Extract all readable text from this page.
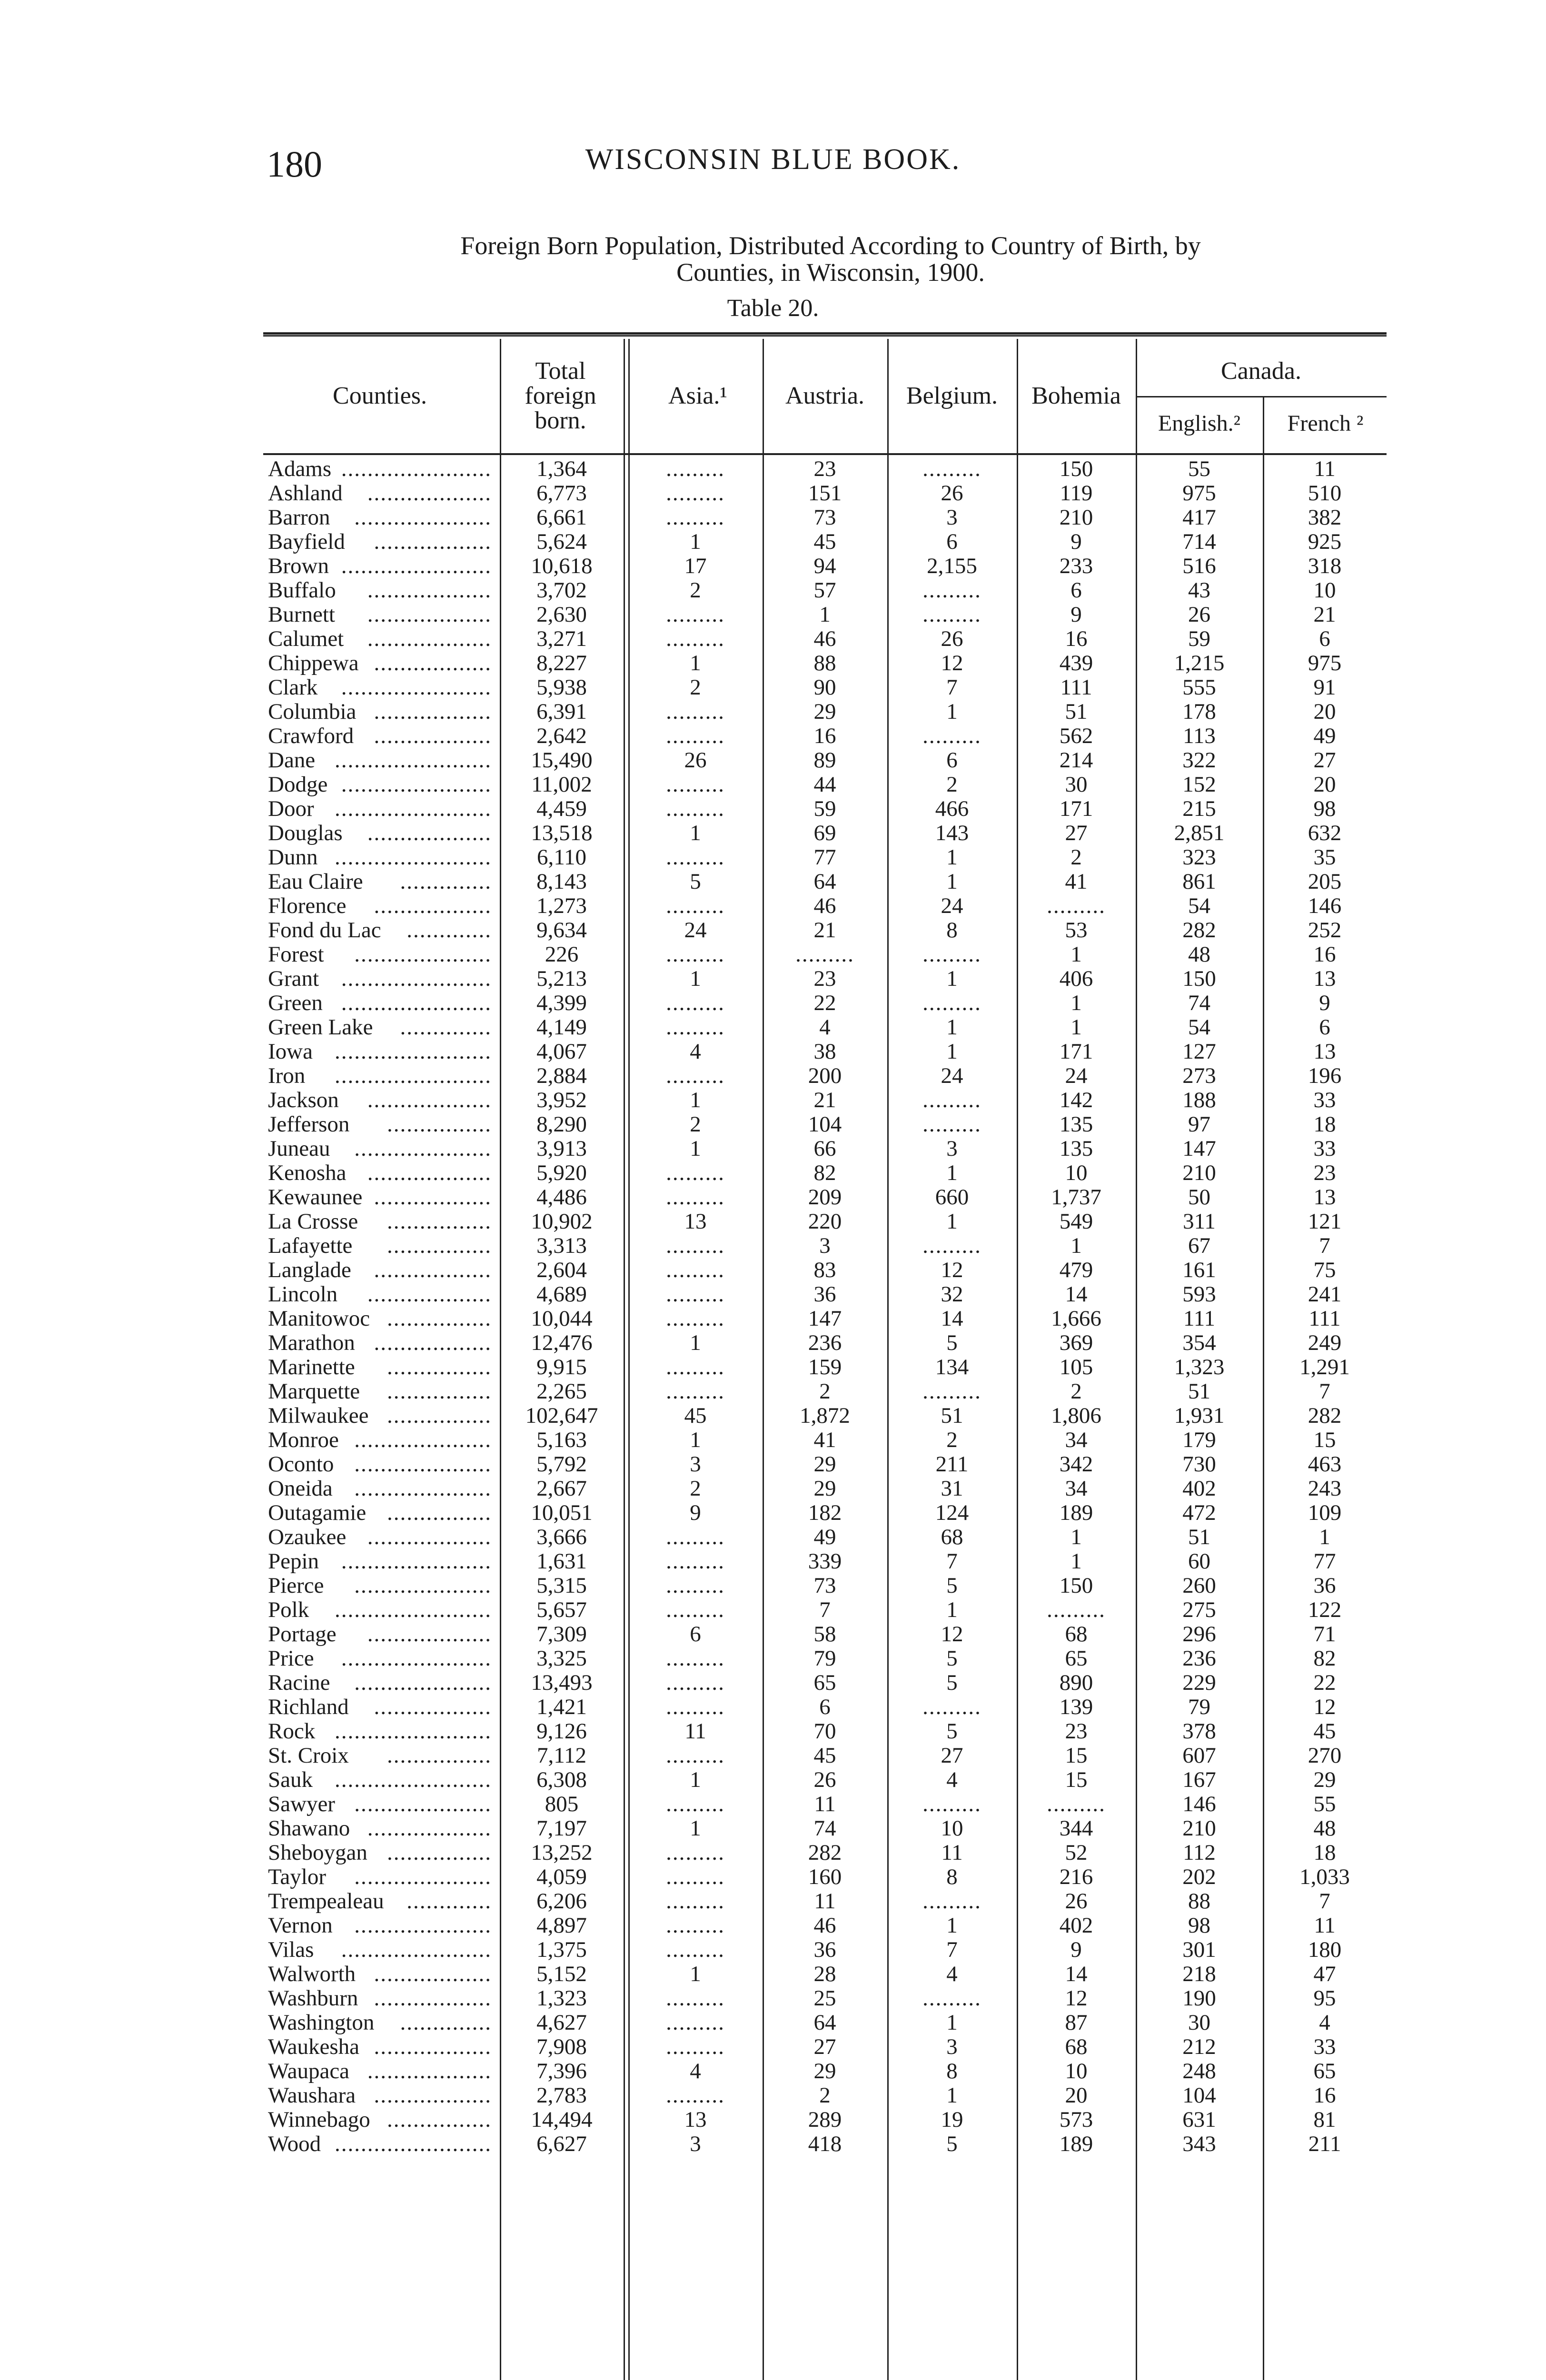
180	WISCONSIN BLUE BOOK.
Foreign Born Population, Distributed According to Country of Birth, by
Counties, in Wisconsin, 1900.
Table 20.
Counties.
Total foreign born.
Asia.¹	Austria.	Belgium.	Bohemia
Canada.
English.²	French ²
Adams .......................	1,364	.........	23	.........	150	55	11
Ashland ...................	6,773	.........	151	26	119	975	510
Barron .....................	6,661	.........	73	3	210	417	382
Bayfield ..................	5,624	1	45	6	9	714	925
Brown .......................	10,618	17	94	2,155	233	516	318
Buffalo ...................	3,702	2	57	.........	6	43	10
Burnett ...................	2,630	.........	1	.........	9	26	21
Calumet ...................	3,271	.........	46	26	16	59	6
Chippewa ..................	8,227	1	88	12	439	1,215	975
Clark .......................	5,938	2	90	7	111	555	91
Columbia ..................	6,391	.........	29	1	51	178	20
Crawford ..................	2,642	.........	16	.........	562	113	49
Dane ........................	15,490	26	89	6	214	322	27
Dodge .......................	11,002	.........	44	2	30	152	20
Door ........................	4,459	.........	59	466	171	215	98
Douglas ...................	13,518	1	69	143	27	2,851	632
Dunn ........................	6,110	.........	77	1	2	323	35
Eau Claire ..............	8,143	5	64	1	41	861	205
Florence ..................	1,273	.........	46	24	.........	54	146
Fond du Lac .............	9,634	24	21	8	53	282	252
Forest .....................	226	.........	.........	.........	1	48	16
Grant .......................	5,213	1	23	1	406	150	13
Green .......................	4,399	.........	22	.........	1	74	9
Green Lake ..............	4,149	.........	4	1	1	54	6
Iowa ........................	4,067	4	38	1	171	127	13
Iron ........................	2,884	.........	200	24	24	273	196
Jackson ...................	3,952	1	21	.........	142	188	33
Jefferson ................	8,290	2	104	.........	135	97	18
Juneau .....................	3,913	1	66	3	135	147	33
Kenosha ...................	5,920	.........	82	1	10	210	23
Kewaunee ..................	4,486	.........	209	660	1,737	50	13
La Crosse ................	10,902	13	220	1	549	311	121
Lafayette ................	3,313	.........	3	.........	1	67	7
Langlade ..................	2,604	.........	83	12	479	161	75
Lincoln ...................	4,689	.........	36	32	14	593	241
Manitowoc ................	10,044	.........	147	14	1,666	111	111
Marathon ..................	12,476	1	236	5	369	354	249
Marinette ................	9,915	.........	159	134	105	1,323	1,291
Marquette ................	2,265	.........	2	.........	2	51	7
Milwaukee ................	102,647	45	1,872	51	1,806	1,931	282
Monroe .....................	5,163	1	41	2	34	179	15
Oconto .....................	5,792	3	29	211	342	730	463
Oneida .....................	2,667	2	29	31	34	402	243
Outagamie ................	10,051	9	182	124	189	472	109
Ozaukee ...................	3,666	.........	49	68	1	51	1
Pepin .......................	1,631	.........	339	7	1	60	77
Pierce .....................	5,315	.........	73	5	150	260	36
Polk ........................	5,657	.........	7	1	.........	275	122
Portage ...................	7,309	6	58	12	68	296	71
Price .......................	3,325	.........	79	5	65	236	82
Racine .....................	13,493	.........	65	5	890	229	22
Richland ..................	1,421	.........	6	.........	139	79	12
Rock ........................	9,126	11	70	5	23	378	45
St. Croix ................	7,112	.........	45	27	15	607	270
Sauk ........................	6,308	1	26	4	15	167	29
Sawyer .....................	805	.........	11	.........	.........	146	55
Shawano ...................	7,197	1	74	10	344	210	48
Sheboygan ................	13,252	.........	282	11	52	112	18
Taylor .....................	4,059	.........	160	8	216	202	1,033
Trempealeau .............	6,206	.........	11	.........	26	88	7
Vernon .....................	4,897	.........	46	1	402	98	11
Vilas .......................	1,375	.........	36	7	9	301	180
Walworth ..................	5,152	1	28	4	14	218	47
Washburn ..................	1,323	.........	25	.........	12	190	95
Washington ..............	4,627	.........	64	1	87	30	4
Waukesha ..................	7,908	.........	27	3	68	212	33
Waupaca ...................	7,396	4	29	8	10	248	65
Waushara ..................	2,783	.........	2	1	20	104	16
Winnebago ................	14,494	13	289	19	573	631	81
Wood ........................	6,627	3	418	5	189	343	211
